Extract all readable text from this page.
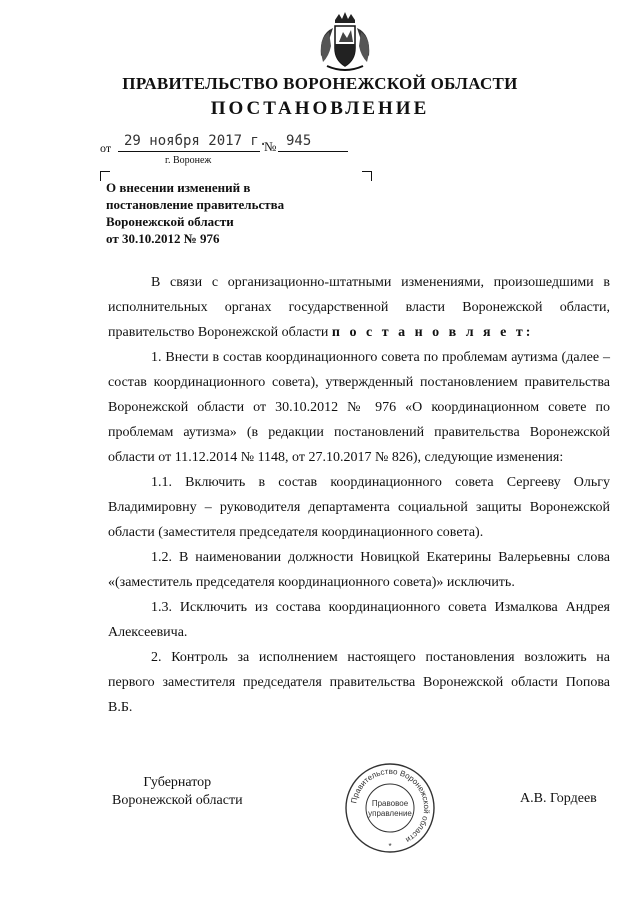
ПРАВИТЕЛЬСТВО ВОРОНЕЖСКОЙ ОБЛАСТИ
ПОСТАНОВЛЕНИЕ
от 29 ноября 2017 г.
№ 945
г. Воронеж
О внесении изменений в
постановление правительства
Воронежской области
от 30.10.2012 № 976

В связи с организационно-штатными изменениями, произошедшими в исполнительных органах государственной власти Воронежской области, правительство Воронежской области п о с т а н о в л я е т:

1. Внести в состав координационного совета по проблемам аутизма (далее – состав координационного совета), утвержденный постановлением правительства Воронежской области от 30.10.2012 № 976 «О координационном совете по проблемам аутизма» (в редакции постановлений правительства Воронежской области от 11.12.2014 № 1148, от 27.10.2017 № 826), следующие изменения:

1.1. Включить в состав координационного совета Сергееву Ольгу Владимировну – руководителя департамента социальной защиты Воронежской области (заместителя председателя координационного совета).

1.2. В наименовании должности Новицкой Екатерины Валерьевны слова «(заместитель председателя координационного совета)» исключить.

1.3. Исключить из состава координационного совета Измалкова Андрея Алексеевича.

2. Контроль за исполнением настоящего постановления возложить на первого заместителя председателя правительства Воронежской области Попова В.Б.

Губернатор
Воронежской области	А.В. Гордеев
Правительство Воронежской области
Правовое
управление
*
